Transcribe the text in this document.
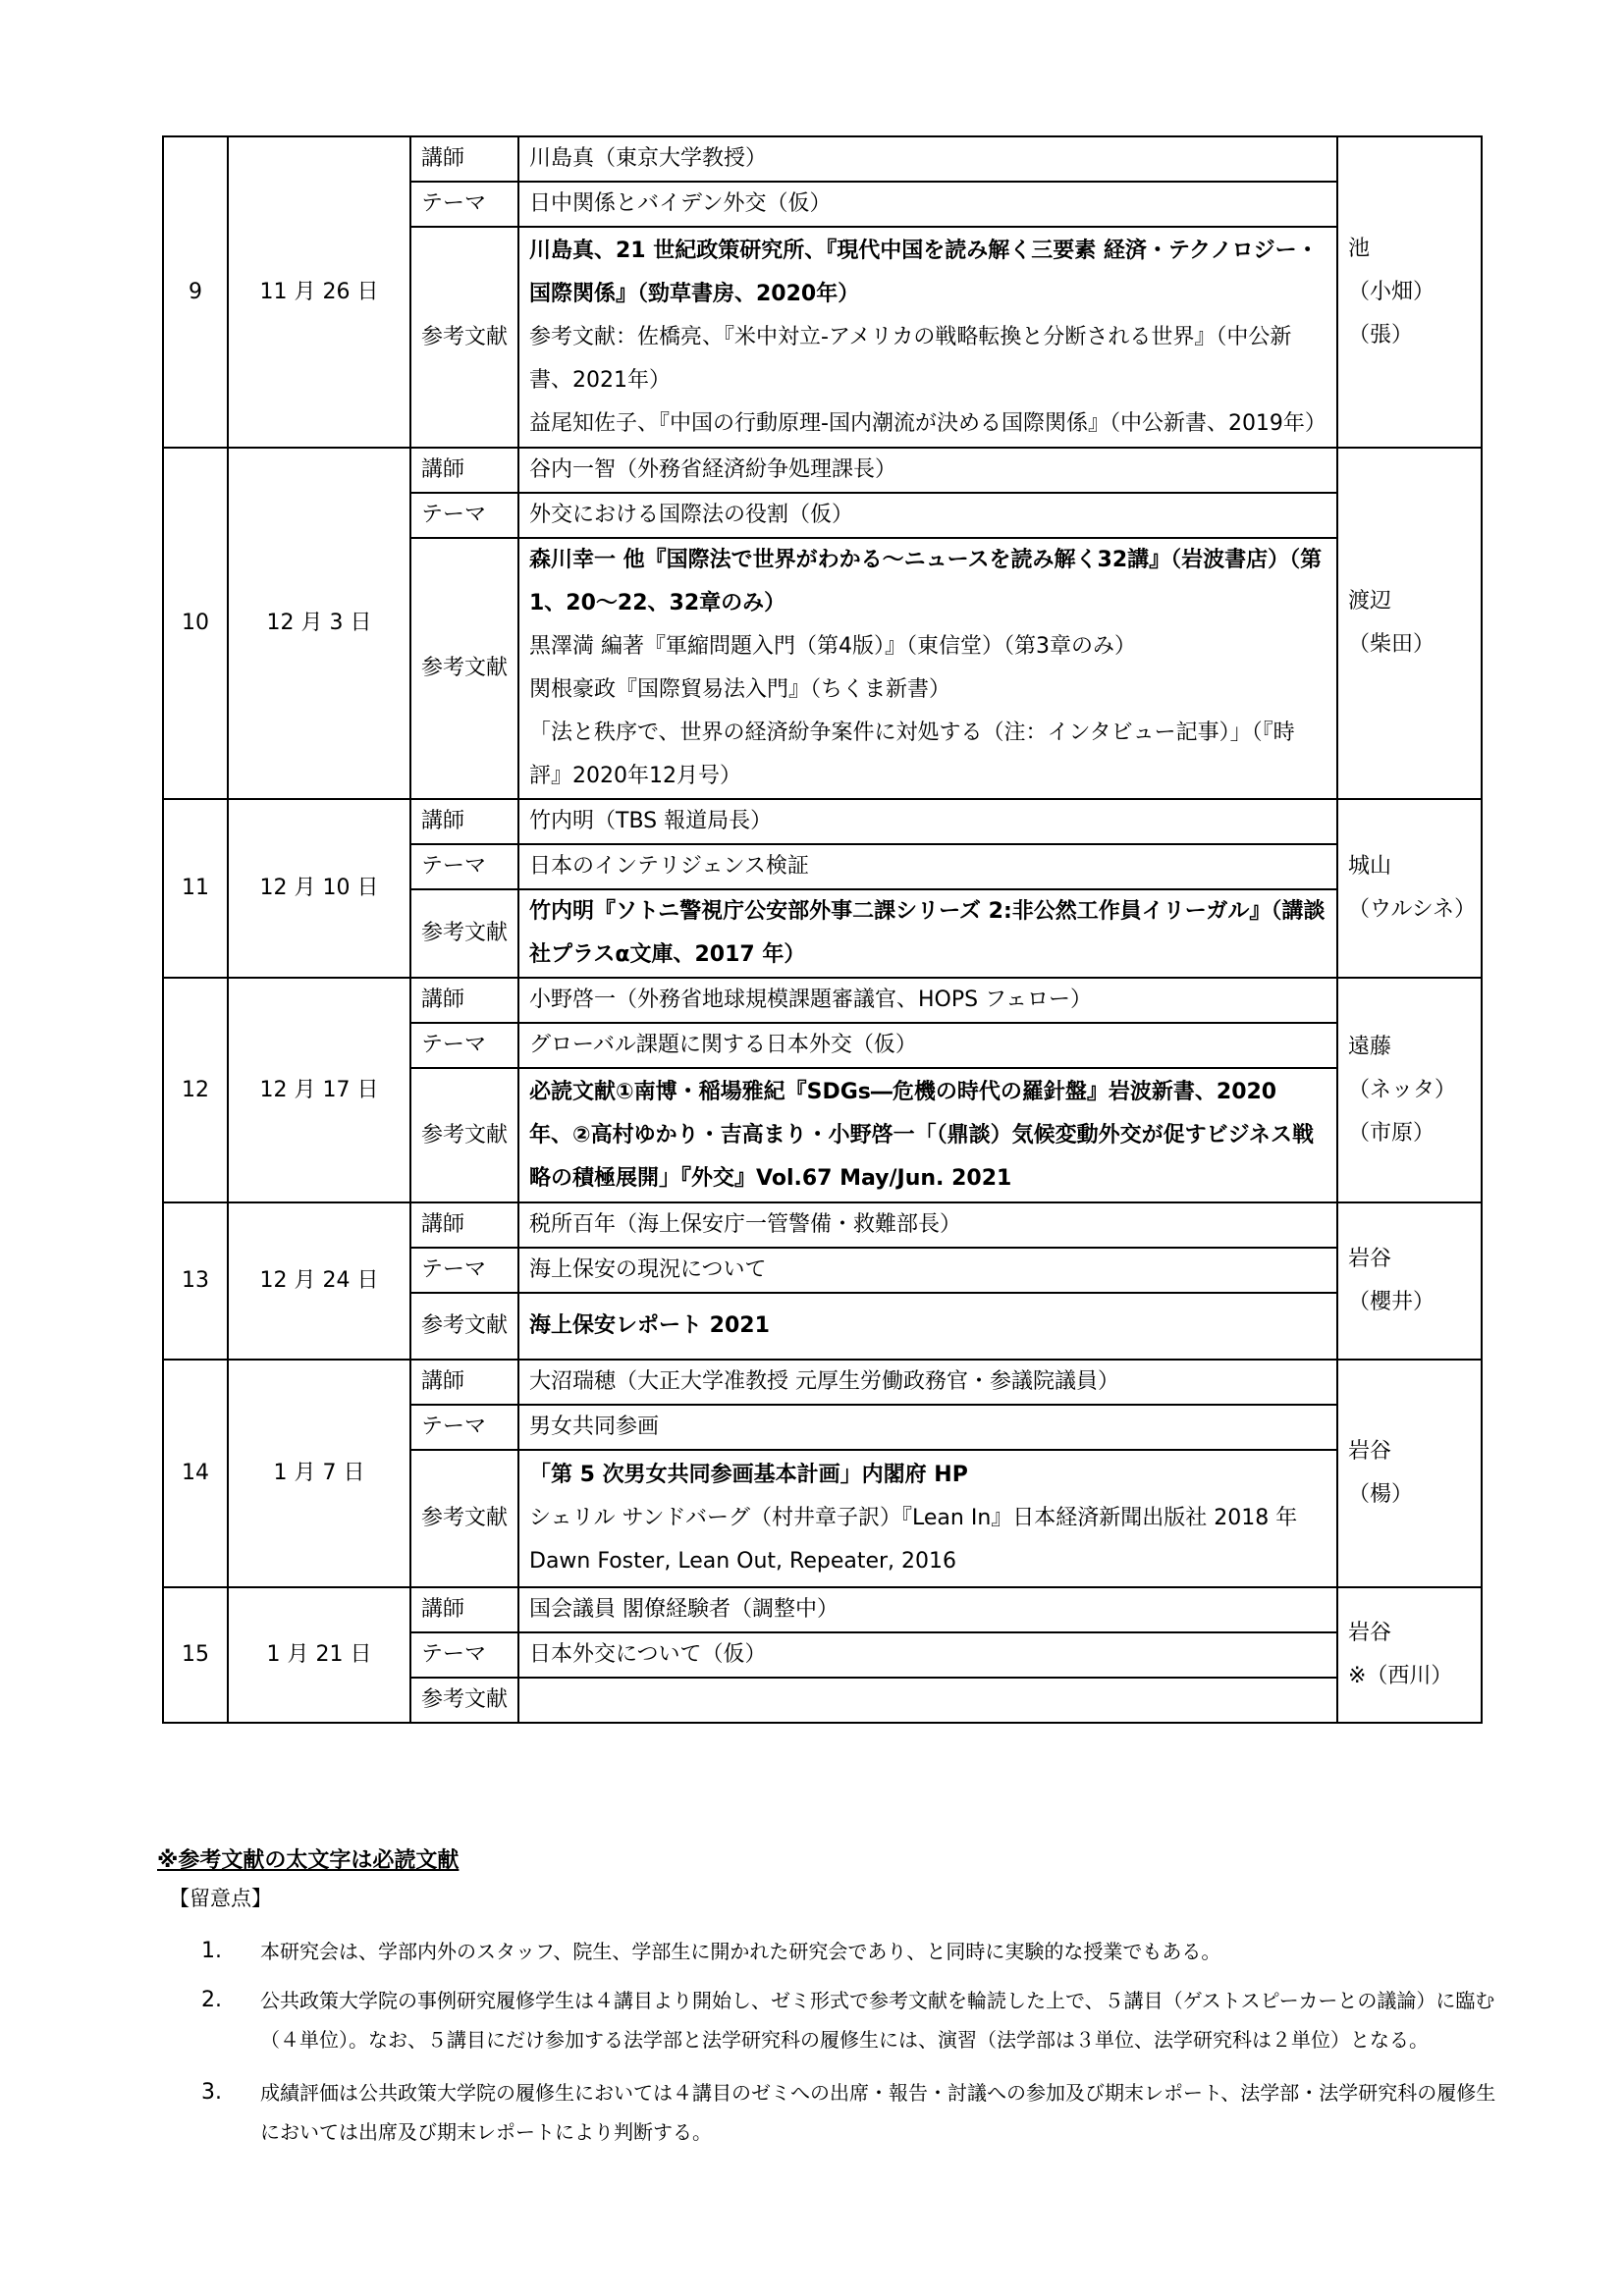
9	11 月 26 日	講師	川島真（東京大学教授）	池
（小畑）
（張）

		テーマ	日中関係とバイデン外交（仮）	
		参考文献	川島真、21 世紀政策研究所、『現代中国を読み解く三要素 経済・テクノロジー・国際関係』（勁草書房、2020年）
参考文献：佐橋亮、『米中対立-アメリカの戦略転換と分断される世界』（中公新書、2021年）
益尾知佐子、『中国の行動原理-国内潮流が決める国際関係』（中公新書、2019年）	

10	12 月 3 日	講師	谷内一智（外務省経済紛争処理課長）	渡辺
（柴田）

		テーマ	外交における国際法の役割（仮）	
		参考文献	森川幸一 他『国際法で世界がわかる～ニュースを読み解く32講』（岩波書店）（第1、20～22、32章のみ）
黒澤満 編著『軍縮問題入門（第4版）』（東信堂）（第3章のみ）
関根豪政『国際貿易法入門』（ちくま新書）
「法と秩序で、世界の経済紛争案件に対処する（注：インタビュー記事）」（『時評』2020年12月号）	

11	12 月 10 日	講師	竹内明（TBS 報道局長）	城山
（ウルシネ）

		テーマ	日本のインテリジェンス検証	
		参考文献	竹内明『ソトニ警視庁公安部外事二課シリーズ 2:非公然工作員イリーガル』（講談社プラスα文庫、2017 年）	

12	12 月 17 日	講師	小野啓一（外務省地球規模課題審議官、HOPS フェロー）	遠藤
（ネッタ）
（市原）

		テーマ	グローバル課題に関する日本外交（仮）	
		参考文献	必読文献①南博・稲場雅紀『SDGs―危機の時代の羅針盤』岩波新書、2020 年、②高村ゆかり・吉高まり・小野啓一「（鼎談）気候変動外交が促すビジネス戦略の積極展開」『外交』Vol.67 May/Jun. 2021	

13	12 月 24 日	講師	税所百年（海上保安庁一管警備・救難部長）	岩谷
（櫻井）

		テーマ	海上保安の現況について	
		参考文献	海上保安レポート 2021	

14	1 月 7 日	講師	大沼瑞穂（大正大学准教授 元厚生労働政務官・参議院議員）	岩谷
（楊）

		テーマ	男女共同参画	
		参考文献	「第 5 次男女共同参画基本計画」内閣府 HP
シェリル サンドバーグ（村井章子訳）『Lean In』日本経済新聞出版社 2018 年
Dawn Foster, Lean Out, Repeater, 2016	

15	1 月 21 日	講師	国会議員 閣僚経験者（調整中）	岩谷
※（西川）

		テーマ	日本外交について（仮）	
		参考文献		
※参考文献の太文字は必読文献
【留意点】
1.	本研究会は、学部内外のスタッフ、院生、学部生に開かれた研究会であり、と同時に実験的な授業でもある。
2.	公共政策大学院の事例研究履修学生は４講目より開始し、ゼミ形式で参考文献を輪読した上で、５講目（ゲストスピーカーとの議論）に臨む（４単位）。なお、５講目にだけ参加する法学部と法学研究科の履修生には、演習（法学部は３単位、法学研究科は２単位）となる。
3.	成績評価は公共政策大学院の履修生においては４講目のゼミへの出席・報告・討議への参加及び期末レポート、法学部・法学研究科の履修生においては出席及び期末レポートにより判断する。
